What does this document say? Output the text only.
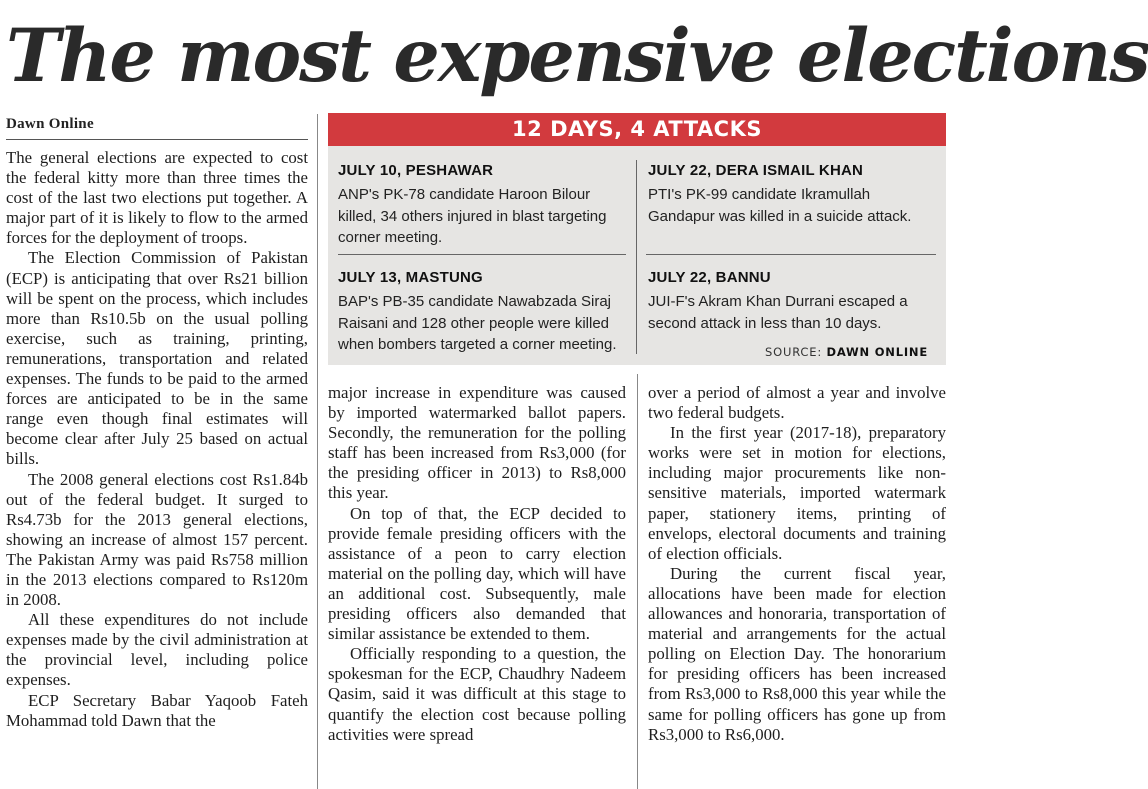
The most expensive elections
Dawn Online

The general elections are expected to cost the federal kitty more than three times the cost of the last two elections put together. A major part of it is likely to flow to the armed forces for the deployment of troops.

The Election Commission of Pakistan (ECP) is anticipating that over Rs21 billion will be spent on the process, which includes more than Rs10.5b on the usual polling exercise, such as training, printing, remunerations, transportation and related expenses. The funds to be paid to the armed forces are anticipated to be in the same range even though final estimates will become clear after July 25 based on actual bills.

The 2008 general elections cost Rs1.84b out of the federal budget. It surged to Rs4.73b for the 2013 general elections, showing an increase of almost 157 percent. The Pakistan Army was paid Rs758 million in the 2013 elections compared to Rs120m in 2008.

All these expenditures do not include expenses made by the civil administration at the provincial level, including police expenses.

ECP Secretary Babar Yaqoob Fateh Mohammad told Dawn that the

12 DAYS, 4 ATTACKS
JULY 10, PESHAWAR
ANP's PK-78 candidate Haroon Bilour killed, 34 others injured in blast targeting corner meeting.
JULY 22, DERA ISMAIL KHAN
PTI's PK-99 candidate Ikramullah Gandapur was killed in a suicide attack.
JULY 13, MASTUNG
BAP's PB-35 candidate Nawabzada Siraj Raisani and 128 other people were killed when bombers targeted a corner meeting.
JULY 22, BANNU
JUI-F's Akram Khan Durrani escaped a second attack in less than 10 days.
SOURCE: DAWN ONLINE

major increase in expenditure was caused by imported watermarked ballot papers. Secondly, the remuneration for the polling staff has been increased from Rs3,000 (for the presiding officer in 2013) to Rs8,000 this year.

On top of that, the ECP decided to provide female presiding officers with the assistance of a peon to carry election material on the polling day, which will have an additional cost. Subsequently, male presiding officers also demanded that similar assistance be extended to them.

Officially responding to a question, the spokesman for the ECP, Chaudhry Nadeem Qasim, said it was difficult at this stage to quantify the election cost because polling activities were spread

over a period of almost a year and involve two federal budgets.

In the first year (2017-18), preparatory works were set in motion for elections, including major procurements like non-sensitive materials, imported watermark paper, stationery items, printing of envelops, electoral documents and training of election officials.

During the current fiscal year, allocations have been made for election allowances and honoraria, transportation of material and arrangements for the actual polling on Election Day. The honorarium for presiding officers has been increased from Rs3,000 to Rs8,000 this year while the same for polling officers has gone up from Rs3,000 to Rs6,000.
